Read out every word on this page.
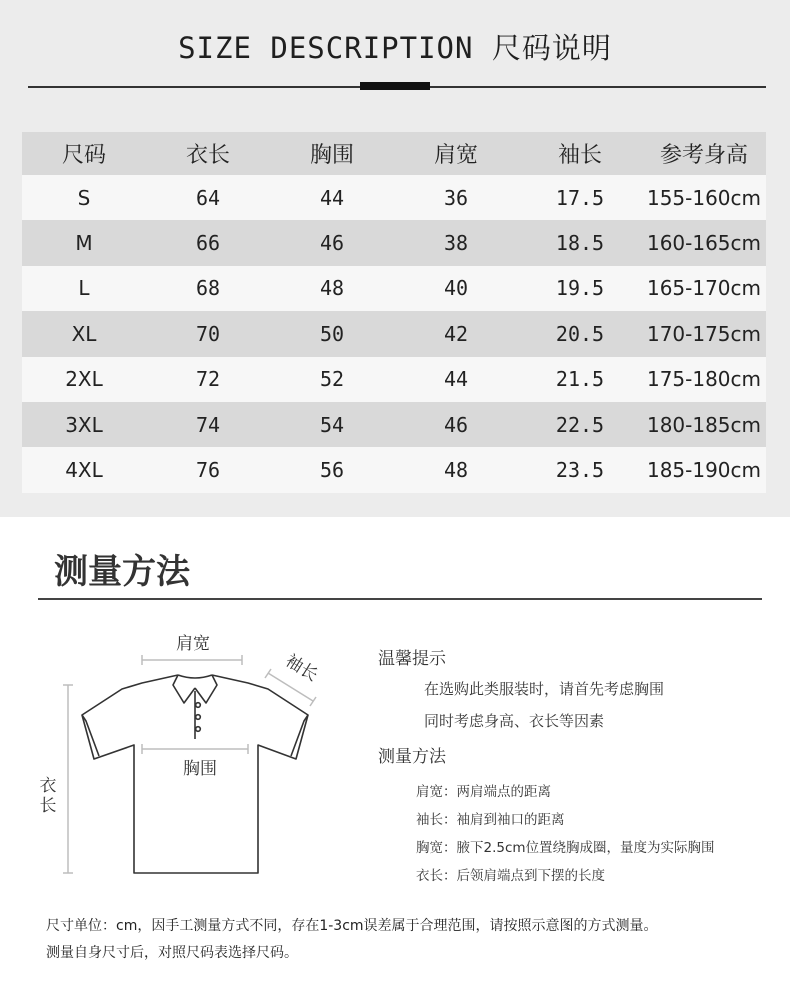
SIZE DESCRIPTION 尺码说明
尺码	衣长	胸围	肩宽	袖长	参考身高
S	64	44	36	17.5	155-160cm
M	66	46	38	18.5	160-165cm
L	68	48	40	19.5	165-170cm
XL	70	50	42	20.5	170-175cm
2XL	72	52	44	21.5	175-180cm
3XL	74	54	46	22.5	180-185cm
4XL	76	56	48	23.5	185-190cm
测量方法
肩宽
袖长
胸围
衣
长
温馨提示
在选购此类服装时，请首先考虑胸围
同时考虑身高、衣长等因素
测量方法
肩宽：两肩端点的距离
袖长：袖肩到袖口的距离
胸宽：腋下2.5cm位置绕胸成圈，量度为实际胸围
衣长：后领肩端点到下摆的长度
尺寸单位：cm，因手工测量方式不同，存在1-3cm误差属于合理范围，请按照示意图的方式测量。
测量自身尺寸后，对照尺码表选择尺码。
